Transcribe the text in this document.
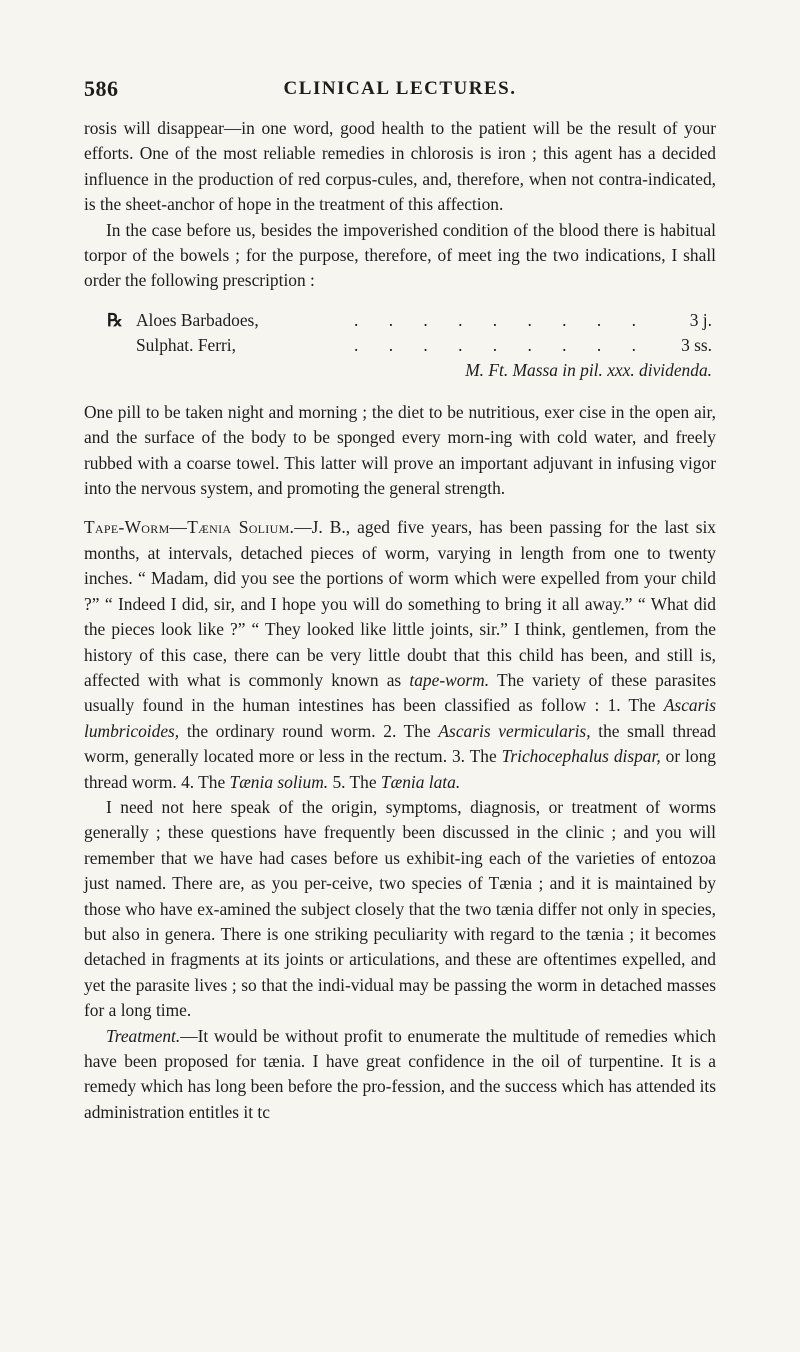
586	CLINICAL LECTURES.

rosis will disappear—in one word, good health to the patient will be the result of your efforts. One of the most reliable remedies in chlorosis is iron ; this agent has a decided influence in the production of red corpus-cules, and, therefore, when not contra-indicated, is the sheet-anchor of hope in the treatment of this affection.

In the case before us, besides the impoverished condition of the blood there is habitual torpor of the bowels ; for the purpose, therefore, of meet ing the two indications, I shall order the following prescription :

℞ Aloes Barbadoes,	. . . . . . . . . 3 j.
Sulphat. Ferri,	. . . . . . . . . 3 ss.
M. Ft. Massa in pil. xxx. dividenda.

One pill to be taken night and morning ; the diet to be nutritious, exer cise in the open air, and the surface of the body to be sponged every morn-ing with cold water, and freely rubbed with a coarse towel. This latter will prove an important adjuvant in infusing vigor into the nervous system, and promoting the general strength.

Tape-Worm—Tænia Solium.—J. B., aged five years, has been passing for the last six months, at intervals, detached pieces of worm, varying in length from one to twenty inches. “ Madam, did you see the portions of worm which were expelled from your child ?” “ Indeed I did, sir, and I hope you will do something to bring it all away.” “ What did the pieces look like ?” “ They looked like little joints, sir.” I think, gentlemen, from the history of this case, there can be very little doubt that this child has been, and still is, affected with what is commonly known as tape-worm. The variety of these parasites usually found in the human intestines has been classified as follow : 1. The Ascaris lumbricoides, the ordinary round worm. 2. The Ascaris vermicularis, the small thread worm, generally located more or less in the rectum. 3. The Trichocephalus dispar, or long thread worm. 4. The Tænia solium. 5. The Tænia lata.

I need not here speak of the origin, symptoms, diagnosis, or treatment of worms generally ; these questions have frequently been discussed in the clinic ; and you will remember that we have had cases before us exhibit-ing each of the varieties of entozoa just named. There are, as you per-ceive, two species of Tænia ; and it is maintained by those who have ex-amined the subject closely that the two tænia differ not only in species, but also in genera. There is one striking peculiarity with regard to the tænia ; it becomes detached in fragments at its joints or articulations, and these are oftentimes expelled, and yet the parasite lives ; so that the indi-vidual may be passing the worm in detached masses for a long time.

Treatment.—It would be without profit to enumerate the multitude of remedies which have been proposed for tænia. I have great confidence in the oil of turpentine. It is a remedy which has long been before the pro-fession, and the success which has attended its administration entitles it tc
